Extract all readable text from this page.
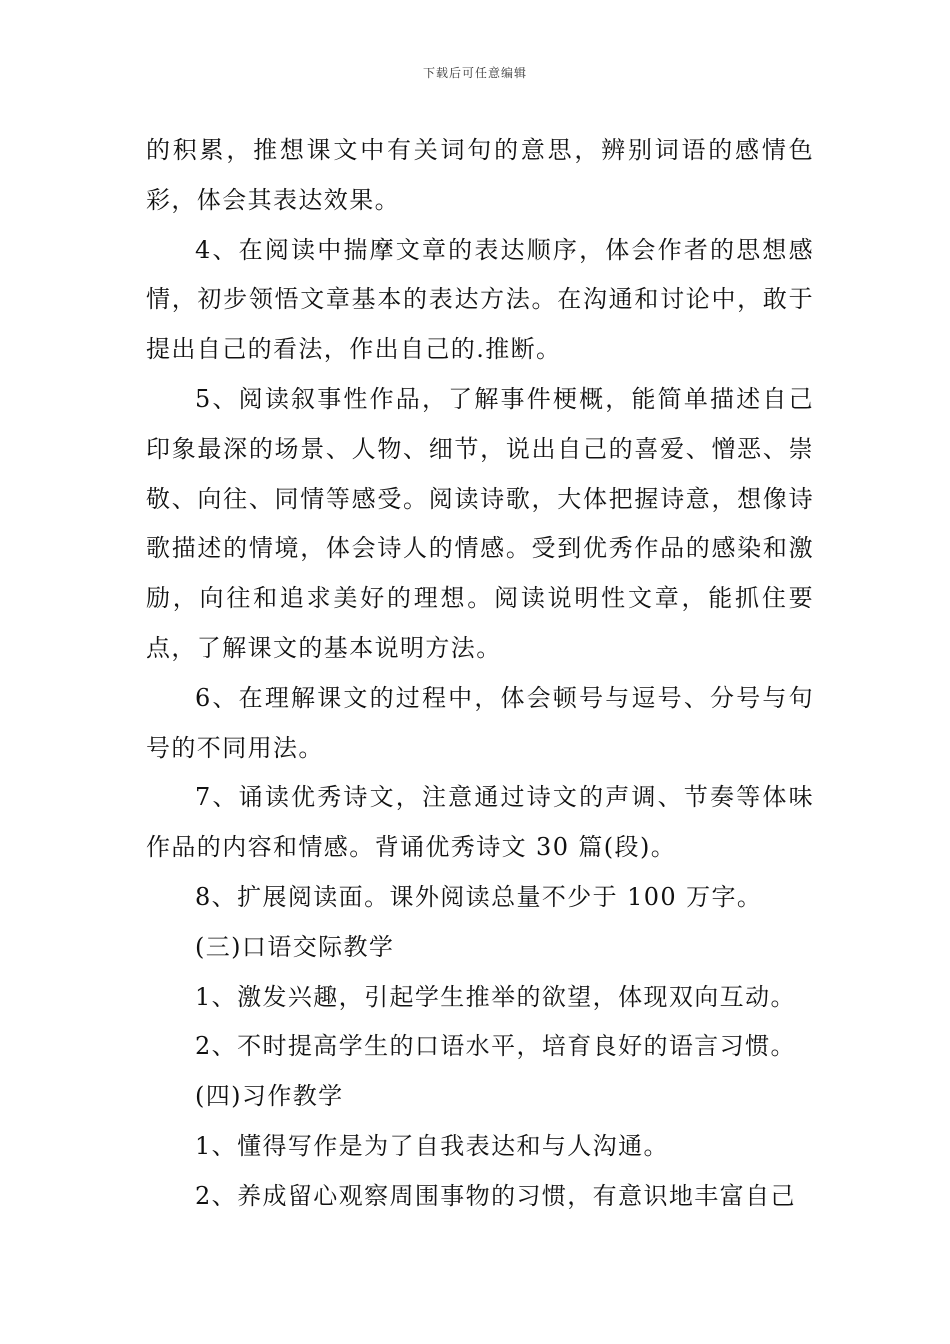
下载后可任意编辑

的积累，推想课文中有关词句的意思，辨别词语的感情色彩，体会其表达效果。

4、在阅读中揣摩文章的表达顺序，体会作者的思想感情，初步领悟文章基本的表达方法。在沟通和讨论中，敢于提出自己的看法，作出自己的.推断。

5、阅读叙事性作品，了解事件梗概，能简单描述自己印象最深的场景、人物、细节，说出自己的喜爱、憎恶、崇敬、向往、同情等感受。阅读诗歌，大体把握诗意，想像诗歌描述的情境，体会诗人的情感。受到优秀作品的感染和激励，向往和追求美好的理想。阅读说明性文章，能抓住要点，了解课文的基本说明方法。

6、在理解课文的过程中，体会顿号与逗号、分号与句号的不同用法。

7、诵读优秀诗文，注意通过诗文的声调、节奏等体味作品的内容和情感。背诵优秀诗文 30 篇(段)。

8、扩展阅读面。课外阅读总量不少于 100 万字。

(三)口语交际教学

1、激发兴趣，引起学生推举的欲望，体现双向互动。

2、不时提高学生的口语水平，培育良好的语言习惯。

(四)习作教学

1、懂得写作是为了自我表达和与人沟通。

2、养成留心观察周围事物的习惯，有意识地丰富自己
